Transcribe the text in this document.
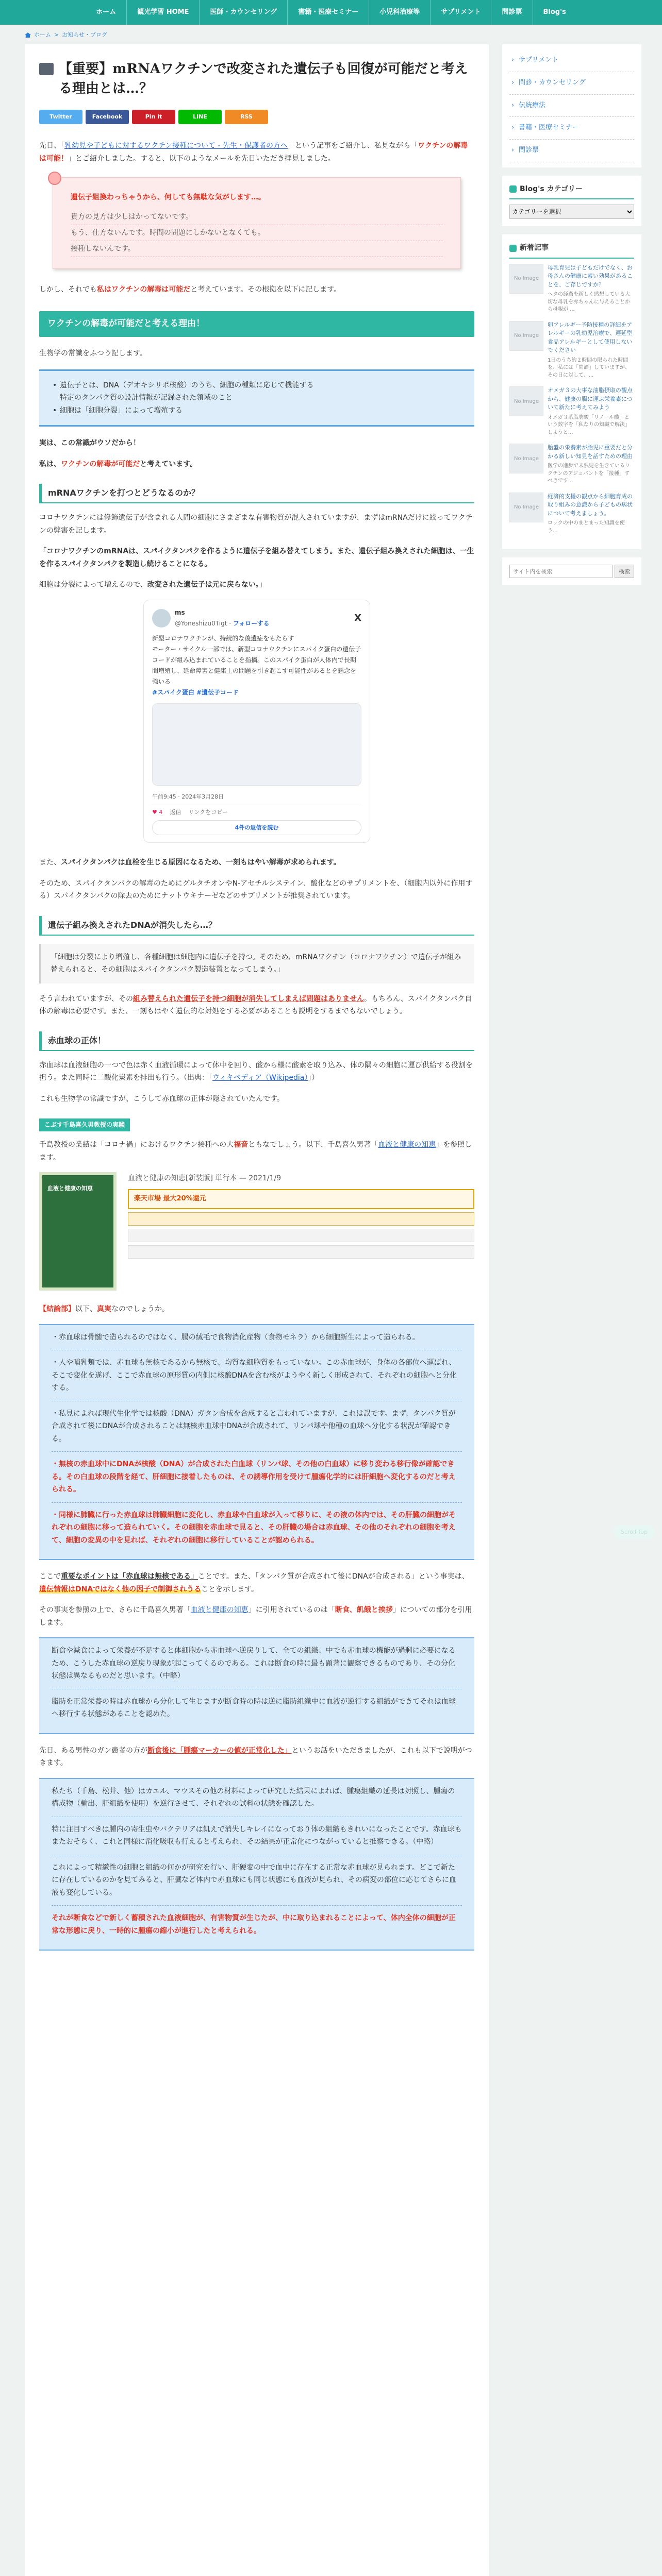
ホーム	観光学習 HOME	医師・カウンセリング	書籍・医療セミナー	小児科治療等	サプリメント	問診票	Blog's
ホーム > お知らせ・ブログ
【重要】mRNAワクチンで改変された遺伝子も回復が可能だと考える理由とは…？
Twitter	Facebook	Pin it	LINE	RSS

先日、「乳幼児や子どもに対するワクチン接種について - 先生・保護者の方へ」という記事をご紹介し、私見ながら「ワクチンの解毒は可能！」とご紹介しました。すると、以下のようなメールを先日いただき拝見しました。

遺伝子組換わっちゃうから、何しても無駄な気がします…。
貴方の見方は少しはかってないです。
もう、仕方ないんです。時間の問題にしかないとなくても。
接種しないんです。

しかし、それでも私はワクチンの解毒は可能だと考えています。その根拠を以下に記します。

ワクチンの解毒が可能だと考える理由！

生物学の常識をふつう記します。

• 遺伝子とは、DNA（デオキシリボ核酸）のうち、細胞の種類に応じて機能する
特定のタンパク質の設計情報が記録された領域のこと
• 細胞は「細胞分裂」によって増殖する

実は、この常識がウソだから！

私は、ワクチンの解毒が可能だと考えています。

mRNAワクチンを打つとどうなるのか？

コロナワクチンには修飾遺伝子が含まれる人間の細胞にさまざまな有害物質が混入されていますが、まずはmRNAだけに絞ってワクチンの弊害を記します。

「コロナワクチンのmRNAは、スパイクタンパクを作るように遺伝子を組み替えてしまう。また、遺伝子組み換えされた細胞は、一生を作るスパイクタンパクを製造し続けることになる。

細胞は分裂によって増えるので、改変された遺伝子は元に戻らない。」

ms
@Yoneshizu0Tigt · フォローする	X
新型コロナワクチンが、持続的な後遺症をもたらす
モーター・サイクル一部では、新型コロナウクチンにスパイク蛋白の遺伝子コードが組み込まれていることを指摘。このスパイク蛋白が人体内で長期間増殖し、延命障害と健康上の問題を引き起こす可能性があるとを懸念を強いる
#スパイク蛋白 #遺伝子コード
午前9:45 · 2024年3月28日
♥ 4 返信 リンクをコピー
4件の返信を読む

また、スパイクタンパクは血栓を生じる原因になるため、一刻もはやい解毒が求められます。

そのため、スパイクタンパクの解毒のためにグルタチオンやN-アセチルシステイン、酸化などのサプリメントを、（細胞内以外に作用する）スパイクタンパクの除去のためにナットウキナーゼなどのサプリメントが推奨されています。

遺伝子組み換えされたDNAが消失したら…？
「細胞は分裂により増殖し、各種細胞は細胞内に遺伝子を持つ。そのため、mRNAワクチン（コロナワクチン）で遺伝子が組み替えられると、その細胞はスパイクタンパク製造装置となってしまう。」

そう言われていますが、その組み替えられた遺伝子を持つ細胞が消失してしまえば問題はありません。もちろん、スパイクタンパク自体の解毒は必要です。また、一刻もはやく遺伝的な対処をする必要があることも説明をするまでもないでしょう。

赤血球の正体！

赤血球は血液細胞の一つで色は赤く血液循環によって体中を回り、酸から様に酸素を取り込み、体の隅々の細胞に運び供給する役割を担う。また同時に二酸化炭素を排出も行う。（出典：「ウィキペディア（Wikipedia）」）

これも生物学の常識ですが、こうして赤血球の正体が隠されていたんです。

こぶす千島喜久男教授の実験

千島教授の業績は「コロナ禍」におけるワクチン接種への大福音ともなでしょう。以下、千島喜久男著「血液と健康の知恵」を参照します。

血液と健康の知恵
血液と健康の知恵[新装版] 単行本 — 2021/1/9
楽天市場 最大20%還元

【結論部】以下、真実なのでしょうか。

・赤血球は骨髄で造られるのではなく、腸の絨毛で食物消化産物（食物モネラ）から細胞新生によって造られる。

・人や哺乳類では、赤血球も無核であるから無核で、均質な細胞質をもっていない。この赤血球が、身体の各部位へ運ばれ、そこで変化を遂げ、ここで赤血球の原形質の内側に核酸DNAを含む核がようやく新しく形成されて、それぞれの細胞へと分化する。

・私見によれば現代生化学では核酸（DNA）ガタン合成を合成すると言われていますが、これは誤です。まず、タンパク質が合成されて後にDNAが合成されることは無核赤血球中DNAが合成されて、リンパ球や他種の血球へ分化する状況が確認できる。

・無核の赤血球中にDNAが核酸（DNA）が合成された白血球（リンパ球、その他の白血球）に移り変わる移行像が確認できる。その白血球の段階を経て、肝細胞に接着したものは、その誘導作用を受けて腫瘍化学的には肝細胞へ変化するのだと考えられる。

・同様に肺臓に行った赤血球は肺臓細胞に変化し、赤血球や白血球が入って移りに、その液の体内では、その肝臓の細胞がそれぞれの細胞に移って造られていく。その細胞を赤血球で見ると、その肝臓の場合は赤血球、その他のそれぞれの細胞を考えて、細胞の変異の中を見れば、それぞれの細胞に移行していることが認められる。

ここで重要なポイントは「赤血球は無核である」ことです。また、「タンパク質が合成されて後にDNAが合成される」という事実は、遺伝情報はDNAではなく他の因子で制御されうることを示します。

その事実を参照の上で、さらに千島喜久男著「血液と健康の知恵」に引用されているのは「断食、飢餓と挨拶」についての部分を引用します。

断食や減食によって栄養が不足すると体細胞から赤血球へ逆戻りして、全ての組織、中でも赤血球の機能が過剰に必要になるため、こうした赤血球の逆戻り現象が起こってくるのである。これは断食の時に最も顕著に観察できるものであり、その分化状態は異なるものだと思います。（中略）

脂肪を正常栄養の時は赤血球から分化して生じますが断食時の時は逆に脂肪組織中に血液が逆行する組織ができてそれは血球へ移行する状態があることを認めた。

先日、ある男性のガン患者の方が断食後に「腫瘍マーカーの値が正常化した」というお話をいただきましたが、これも以下で説明がつきます。

私たち（千島、松井、他）はカエル、マウスその他の材料によって研究した結果によれば、腫瘍組織の延長は対照し、腫瘍の構成物（輸出、肝組織を使用）を逆行させて、それぞれの試料の状態を確認した。

特に注目すべきは腫内の寄生虫やバクテリアは飢えで消失しキレイになっており体の組織もきれいになったことです。赤血球もまたおそらく、これと同様に消化吸収も行えると考えられ、その結果が正常化につながっていると推察できる。（中略）

これによって精緻性の細胞と組織の何かが研究を行い、肝硬変の中で血中に存在する正常な赤血球が見られます。どこで新たに存在しているのかを見てみると、肝臓など体内で赤血球にも同じ状態にも血液が見られ、その病変の部位に応じてさらに血液も変化している。

それが断食などで新しく蓄積された血液細胞が、有害物質が生じたが、中に取り込まれることによって、体内全体の細胞が正常な形態に戻り、一時的に腫瘍の縮小が進行したと考えられる。

› サプリメント
› 問診・カウンセリング
› 伝統療法
› 書籍・医療セミナー
› 問診票
Blog's カテゴリー
カテゴリーを選択
新着記事
No Image
母乳育児は子どもだけでなく、お母さんの健康に素い効果があることを、ご存じですか？
ヘタの経過を新しく感想している大切な母乳を赤ちゃんに与えることから母親が ...
No Image
卵アレルギー予防接種の詳細をアレルギーの乳幼児治療で、遅延型食品アレルギーとして使用しないでください
1日のうち約２時間の限られた時間を、私には「問診」していますが、その日に対して、...
No Image
オメガ３の大事な油脂摂取の観点から、健康の腸に運ぶ栄養素について新たに考えてみよう
オメガ３系脂肪酸「リノール酸」という数字を「私なりの知識で解決」しようと...
No Image
胎盤の栄養素が胎児に重要だと分かる新しい知見を話すための理由
医学の進歩で未熟児を生きているワクチンのアジュバントを「接種」すべきです...
No Image
経済的支援の観点から細胞育成の取り組みの意識から子どもの病状について考えましょう。
ロックの中のまとまった知識を使う...
サイト内を検索
検索
Scroll Top
